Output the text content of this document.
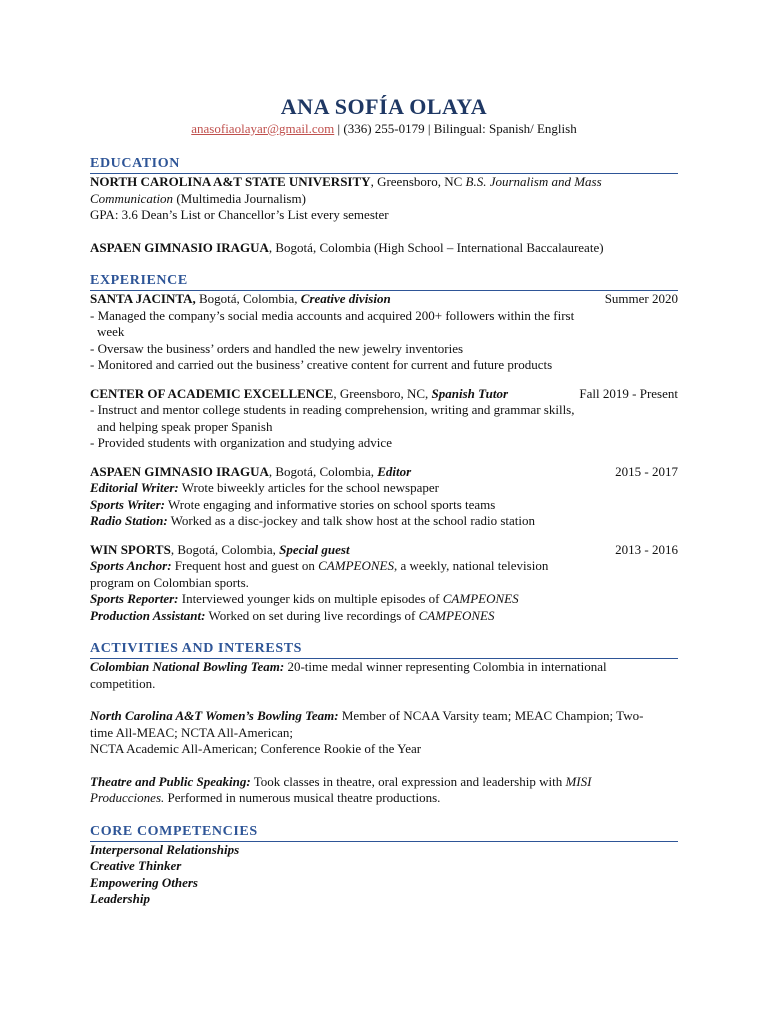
ANA SOFÍA OLAYA
anasofiaolayar@gmail.com | (336) 255-0179 | Bilingual: Spanish/ English
EDUCATION

NORTH CAROLINA A&T STATE UNIVERSITY, Greensboro, NC B.S. Journalism and Mass Communication (Multimedia Journalism)

GPA: 3.6 Dean’s List or Chancellor’s List every semester

ASPAEN GIMNASIO IRAGUA, Bogotá, Colombia (High School – International Baccalaureate)

EXPERIENCE

SANTA JACINTA, Bogotá, Colombia, Creative division	Summer 2020

- Managed the company’s social media accounts and acquired 200+ followers within the first week

- Oversaw the business’ orders and handled the new jewelry inventories

- Monitored and carried out the business’ creative content for current and future products

CENTER OF ACADEMIC EXCELLENCE, Greensboro, NC, Spanish Tutor	Fall 2019 - Present

- Instruct and mentor college students in reading comprehension, writing and grammar skills, and helping speak proper Spanish

- Provided students with organization and studying advice

ASPAEN GIMNASIO IRAGUA, Bogotá, Colombia, Editor	2015 - 2017

Editorial Writer: Wrote biweekly articles for the school newspaper

Sports Writer: Wrote engaging and informative stories on school sports teams

Radio Station: Worked as a disc-jockey and talk show host at the school radio station

WIN SPORTS, Bogotá, Colombia, Special guest	2013 - 2016

Sports Anchor: Frequent host and guest on CAMPEONES, a weekly, national television program on Colombian sports.

Sports Reporter: Interviewed younger kids on multiple episodes of CAMPEONES

Production Assistant: Worked on set during live recordings of CAMPEONES

ACTIVITIES AND INTERESTS

Colombian National Bowling Team: 20-time medal winner representing Colombia in international competition.

North Carolina A&T Women’s Bowling Team: Member of NCAA Varsity team; MEAC Champion; Two-time All-MEAC; NCTA All-American;

NCTA Academic All-American; Conference Rookie of the Year

Theatre and Public Speaking: Took classes in theatre, oral expression and leadership with MISI Producciones. Performed in numerous musical theatre productions.

CORE COMPETENCIES

Interpersonal Relationships

Creative Thinker

Empowering Others

Leadership
